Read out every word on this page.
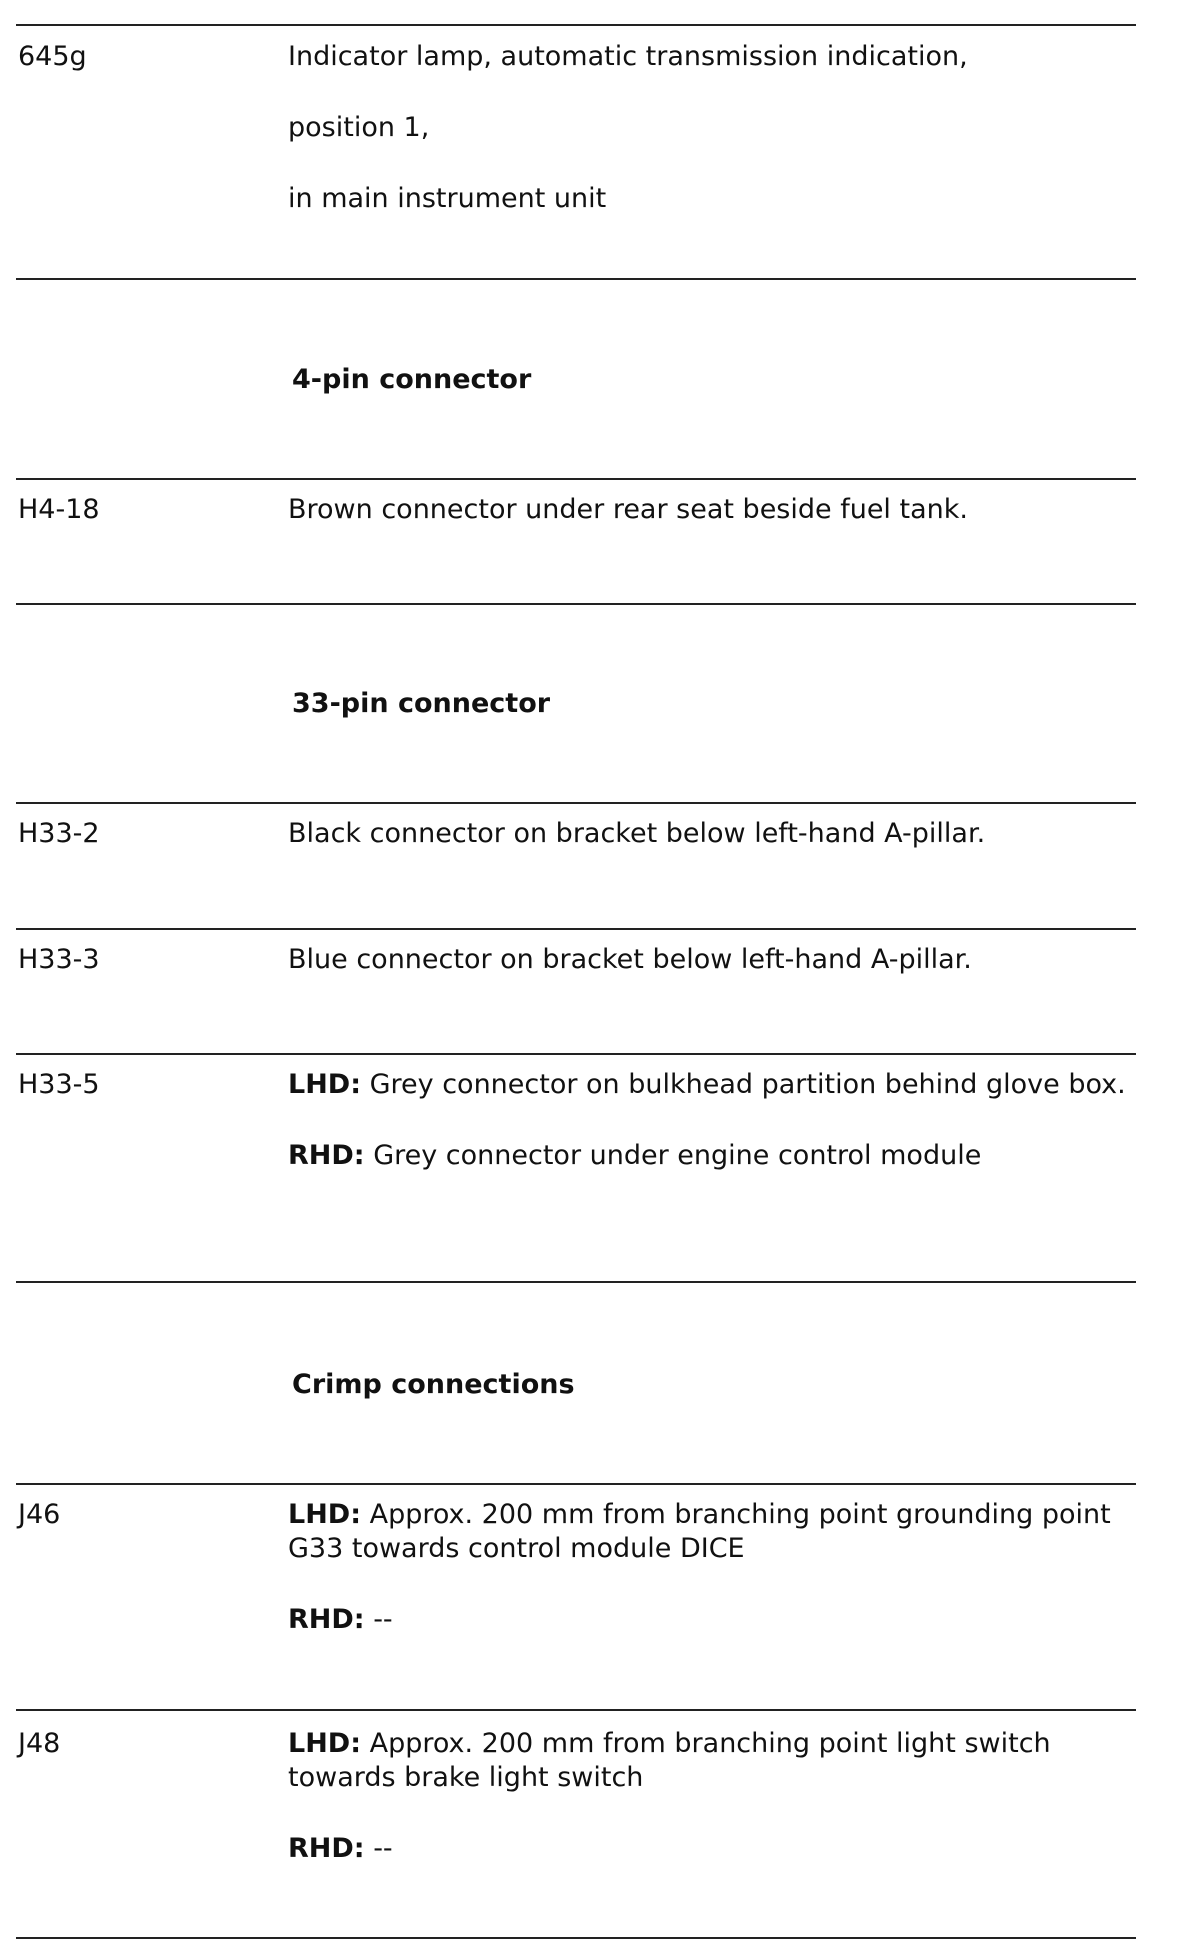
645g	Indicator lamp, automatic transmission indication,

position 1,

in main instrument unit

4-pin connector
H4-18	Brown connector under rear seat beside fuel tank.

33-pin connector
H33-2	Black connector on bracket below left-hand A-pillar.

H33-3	Blue connector on bracket below left-hand A-pillar.

H33-5	LHD: Grey connector on bulkhead partition behind glove box.

RHD: Grey connector under engine control module

Crimp connections
J46	LHD: Approx. 200 mm from branching point grounding point G33 towards control module DICE

RHD: --

J48	LHD: Approx. 200 mm from branching point light switch towards brake light switch

RHD: --
